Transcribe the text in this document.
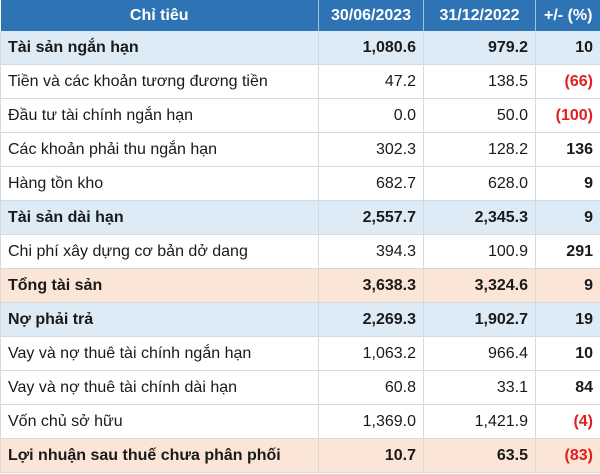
Chỉ tiêu	30/06/2023	31/12/2022	+/- (%)
Tài sản ngắn hạn	1,080.6	979.2	10
Tiền và các khoản tương đương tiền	47.2	138.5	(66)
Đầu tư tài chính ngắn hạn	0.0	50.0	(100)
Các khoản phải thu ngắn hạn	302.3	128.2	136
Hàng tồn kho	682.7	628.0	9
Tài sản dài hạn	2,557.7	2,345.3	9
Chi phí xây dựng cơ bản dở dang	394.3	100.9	291
Tổng tài sản	3,638.3	3,324.6	9
Nợ phải trả	2,269.3	1,902.7	19
Vay và nợ thuê tài chính ngắn hạn	1,063.2	966.4	10
Vay và nợ thuê tài chính dài hạn	60.8	33.1	84
Vốn chủ sở hữu	1,369.0	1,421.9	(4)
Lợi nhuận sau thuế chưa phân phối	10.7	63.5	(83)
